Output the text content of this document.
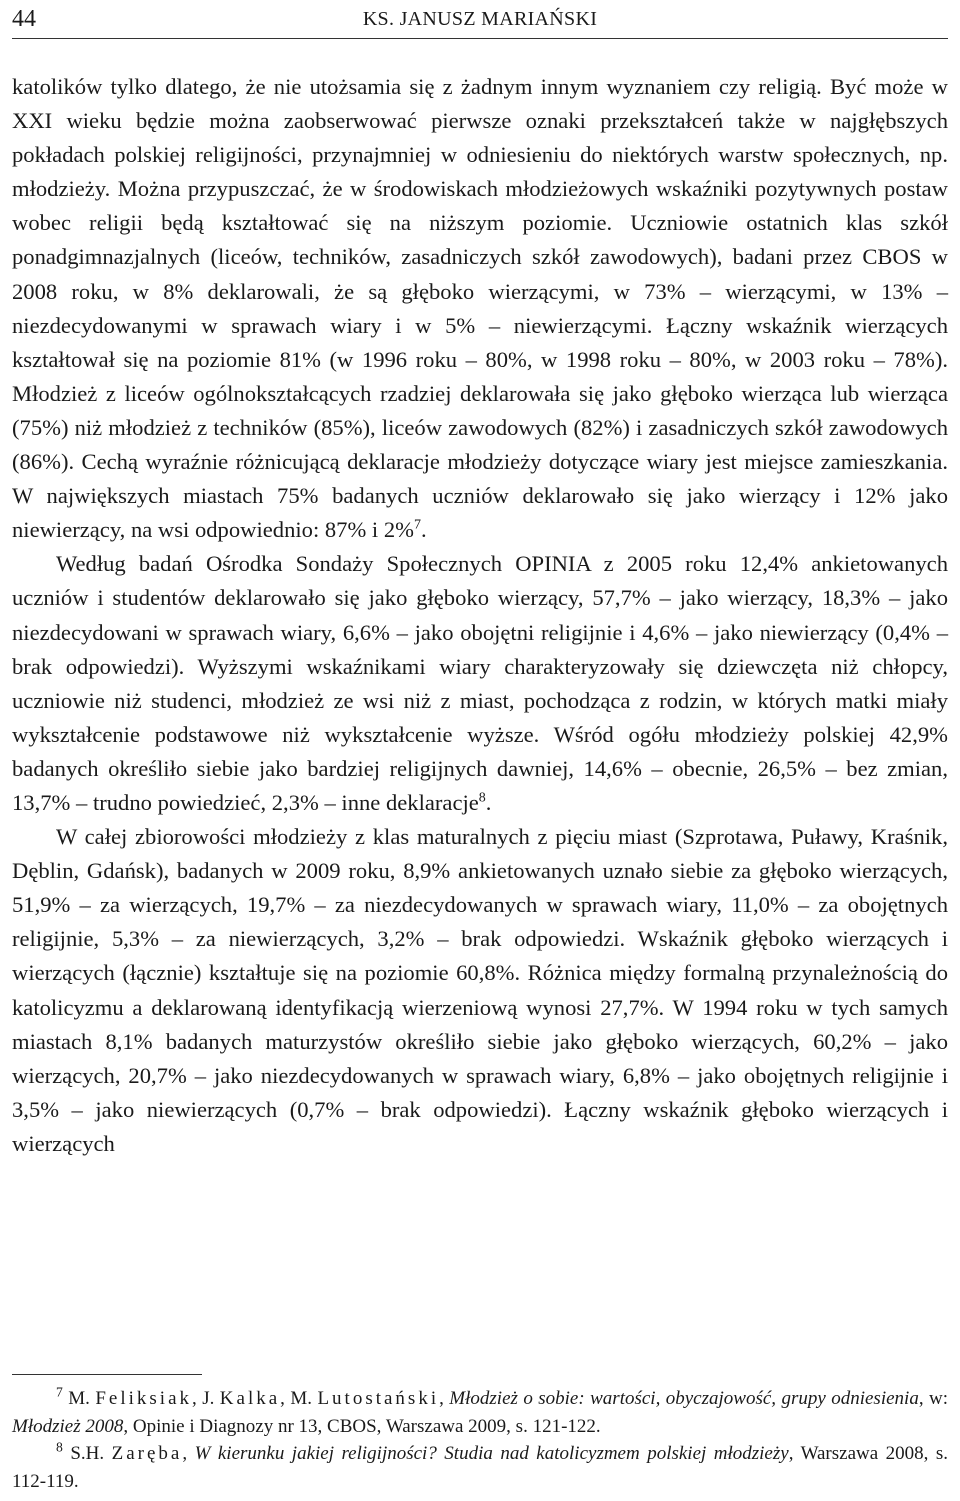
44	KS. JANUSZ MARIAŃSKI

katolików tylko dlatego, że nie utożsamia się z żadnym innym wyznaniem czy religią. Być może w XXI wieku będzie można zaobserwować pierwsze oznaki przekształceń także w najgłębszych pokładach polskiej religijności, przynajmniej w odniesieniu do niektórych warstw społecznych, np. młodzieży. Można przypuszczać, że w środowiskach młodzieżowych wskaźniki pozytywnych postaw wobec religii będą kształtować się na niższym poziomie. Uczniowie ostatnich klas szkół ponadgimnazjalnych (liceów, techników, zasadniczych szkół zawodowych), badani przez CBOS w 2008 roku, w 8% deklarowali, że są głęboko wierzącymi, w 73% – wierzącymi, w 13% – niezdecydowanymi w sprawach wiary i w 5% – niewierzącymi. Łączny wskaźnik wierzących kształtował się na poziomie 81% (w 1996 roku – 80%, w 1998 roku – 80%, w 2003 roku – 78%). Młodzież z liceów ogólnokształcących rzadziej deklarowała się jako głęboko wierząca lub wierząca (75%) niż młodzież z techników (85%), liceów zawodowych (82%) i zasadniczych szkół zawodowych (86%). Cechą wyraźnie różnicującą deklaracje młodzieży dotyczące wiary jest miejsce zamieszkania. W największych miastach 75% badanych uczniów deklarowało się jako wierzący i 12% jako niewierzący, na wsi odpowiednio: 87% i 2%$^7$.

Według badań Ośrodka Sondaży Społecznych OPINIA z 2005 roku 12,4% ankietowanych uczniów i studentów deklarowało się jako głęboko wierzący, 57,7% – jako wierzący, 18,3% – jako niezdecydowani w sprawach wiary, 6,6% – jako obojętni religijnie i 4,6% – jako niewierzący (0,4% – brak odpowiedzi). Wyższymi wskaźnikami wiary charakteryzowały się dziewczęta niż chłopcy, uczniowie niż studenci, młodzież ze wsi niż z miast, pochodząca z rodzin, w których matki miały wykształcenie podstawowe niż wykształcenie wyższe. Wśród ogółu młodzieży polskiej 42,9% badanych określiło siebie jako bardziej religijnych dawniej, 14,6% – obecnie, 26,5% – bez zmian, 13,7% – trudno powiedzieć, 2,3% – inne deklaracje$^8$.

W całej zbiorowości młodzieży z klas maturalnych z pięciu miast (Szprotawa, Puławy, Kraśnik, Dęblin, Gdańsk), badanych w 2009 roku, 8,9% ankietowanych uznało siebie za głęboko wierzących, 51,9% – za wierzących, 19,7% – za niezdecydowanych w sprawach wiary, 11,0% – za obojętnych religijnie, 5,3% – za niewierzących, 3,2% – brak odpowiedzi. Wskaźnik głęboko wierzących i wierzących (łącznie) kształtuje się na poziomie 60,8%. Różnica między formalną przynależnością do katolicyzmu a deklarowaną identyfikacją wierzeniową wynosi 27,7%. W 1994 roku w tych samych miastach 8,1% badanych maturzystów określiło siebie jako głęboko wierzących, 60,2% – jako wierzących, 20,7% – jako niezdecydowanych w sprawach wiary, 6,8% – jako obojętnych religijnie i 3,5% – jako niewierzących (0,7% – brak odpowiedzi). Łączny wskaźnik głęboko wierzących i wierzących

$^7$ M. Feliksiak, J. Kalka, M. Lutostański, Młodzież o sobie: wartości, obyczajowość, grupy odniesienia, w: Młodzież 2008, Opinie i Diagnozy nr 13, CBOS, Warszawa 2009, s. 121-122.

$^8$ S.H. Zaręba, W kierunku jakiej religijności? Studia nad katolicyzmem polskiej młodzieży, Warszawa 2008, s. 112-119.
